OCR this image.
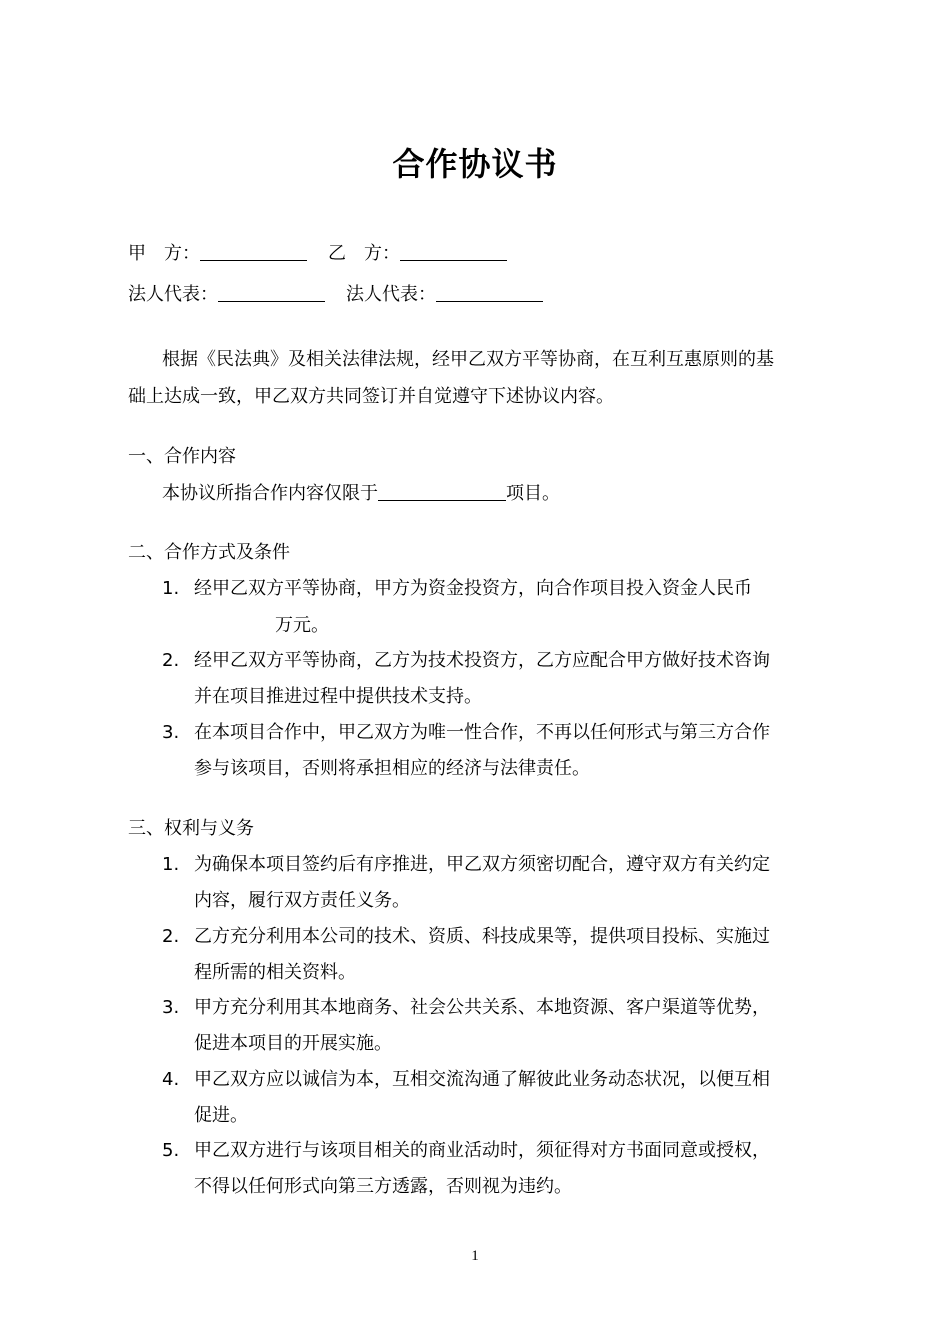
合作协议书
甲　方：	乙　方：
法人代表：	法人代表：
根据《民法典》及相关法律法规，经甲乙双方平等协商，在互利互惠原则的基
础上达成一致，甲乙双方共同签订并自觉遵守下述协议内容。
一、合作内容
本协议所指合作内容仅限于	项目。
二、合作方式及条件
1. 经甲乙双方平等协商，甲方为资金投资方，向合作项目投入资金人民币
万元。
2. 经甲乙双方平等协商，乙方为技术投资方，乙方应配合甲方做好技术咨询
并在项目推进过程中提供技术支持。
3. 在本项目合作中，甲乙双方为唯一性合作，不再以任何形式与第三方合作
参与该项目，否则将承担相应的经济与法律责任。
三、权利与义务
1. 为确保本项目签约后有序推进，甲乙双方须密切配合，遵守双方有关约定
内容，履行双方责任义务。
2. 乙方充分利用本公司的技术、资质、科技成果等，提供项目投标、实施过
程所需的相关资料。
3. 甲方充分利用其本地商务、社会公共关系、本地资源、客户渠道等优势，
促进本项目的开展实施。
4. 甲乙双方应以诚信为本，互相交流沟通了解彼此业务动态状况，以便互相
促进。
5. 甲乙双方进行与该项目相关的商业活动时，须征得对方书面同意或授权，
不得以任何形式向第三方透露，否则视为违约。
1
